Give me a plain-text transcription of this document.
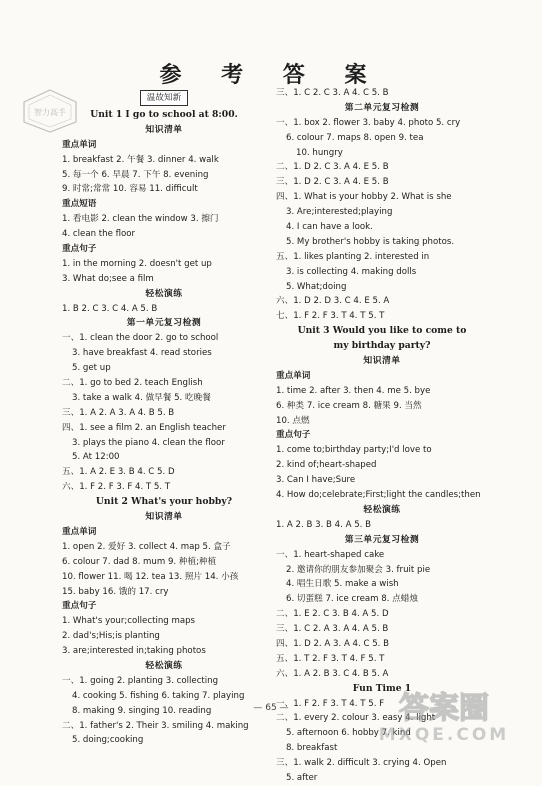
参 考 答 案
智力高手
温故知新
Unit 1 I go to school at 8:00.
知识清单
重点单词
1. breakfast 2. 午餐 3. dinner 4. walk
5. 每一个 6. 早晨 7. 下午 8. evening
9. 时常;常常 10. 容易 11. difficult
重点短语
1. 看电影 2. clean the window 3. 擦门
4. clean the floor
重点句子
1. in the morning 2. doesn't get up
3. What do;see a film
轻松演练
1. B 2. C 3. C 4. A 5. B
第一单元复习检测
一、1. clean the door 2. go to school
3. have breakfast 4. read stories
5. get up
二、1. go to bed 2. teach English
3. take a walk 4. 做早餐 5. 吃晚餐
三、1. A 2. A 3. A 4. B 5. B
四、1. see a film 2. an English teacher
3. plays the piano 4. clean the floor
5. At 12:00
五、1. A 2. E 3. B 4. C 5. D
六、1. F 2. F 3. F 4. T 5. T
Unit 2 What's your hobby?
知识清单
重点单词
1. open 2. 爱好 3. collect 4. map 5. 盒子
6. colour 7. dad 8. mum 9. 种植;种植
10. flower 11. 喝 12. tea 13. 照片 14. 小孩
15. baby 16. 饿的 17. cry
重点句子
1. What's your;collecting maps
2. dad's;His;is planting
3. are;interested in;taking photos
轻松演练
一、1. going 2. planting 3. collecting
4. cooking 5. fishing 6. taking 7. playing
8. making 9. singing 10. reading
二、1. father's 2. Their 3. smiling 4. making
5. doing;cooking
三、1. C 2. C 3. A 4. C 5. B
第二单元复习检测
一、1. box 2. flower 3. baby 4. photo 5. cry
6. colour 7. maps 8. open 9. tea
10. hungry
二、1. D 2. C 3. A 4. E 5. B
三、1. D 2. C 3. A 4. E 5. B
四、1. What is your hobby 2. What is she
3. Are;interested;playing
4. I can have a look.
5. My brother's hobby is taking photos.
五、1. likes planting 2. interested in
3. is collecting 4. making dolls
5. What;doing
六、1. D 2. D 3. C 4. E 5. A
七、1. F 2. F 3. T 4. T 5. T
Unit 3 Would you like to come to
my birthday party?
知识清单
重点单词
1. time 2. after 3. then 4. me 5. bye
6. 种类 7. ice cream 8. 糖果 9. 当然
10. 点燃
重点句子
1. come to;birthday party;I'd love to
2. kind of;heart-shaped
3. Can I have;Sure
4. How do;celebrate;First;light the candles;then
轻松演练
1. A 2. B 3. B 4. A 5. B
第三单元复习检测
一、1. heart-shaped cake
2. 邀请你的朋友参加聚会 3. fruit pie
4. 唱生日歌 5. make a wish
6. 切蛋糕 7. ice cream 8. 点蜡烛
二、1. E 2. C 3. B 4. A 5. D
三、1. C 2. A 3. A 4. A 5. B
四、1. D 2. A 3. A 4. C 5. B
五、1. T 2. F 3. T 4. F 5. T
六、1. A 2. B 3. C 4. B 5. A
Fun Time 1
一、1. F 2. F 3. T 4. T 5. F
二、1. every 2. colour 3. easy 4. light
5. afternoon 6. hobby 7. kind
8. breakfast
三、1. walk 2. difficult 3. crying 4. Open
5. after
— 65 —	答案圈
MXQE.COM
